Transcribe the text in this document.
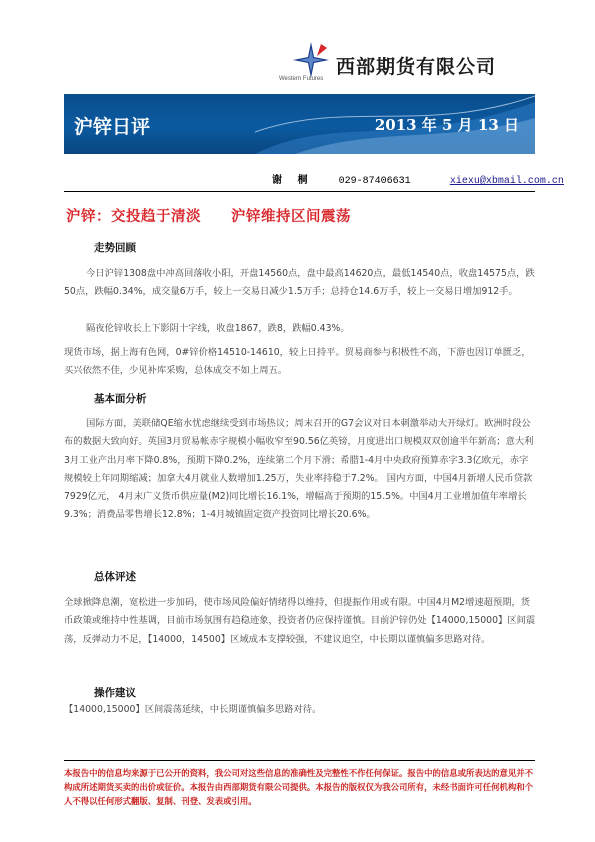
Western Futures
西部期货有限公司
沪锌日评	2013 年 5 月 13 日
谢 桐	029-87406631	xiexu@xbmail.com.cn
沪锌：交投趋于清淡 沪锌维持区间震荡
走势回顾

今日沪锌1308盘中冲高回落收小阳，开盘14560点，盘中最高14620点，最低14540点，收盘14575点，跌50点，跌幅0.34%，成交量6万手，较上一交易日减少1.5万手；总持仓14.6万手，较上一交易日增加912手。

隔夜伦锌收长上下影阴十字线，收盘1867，跌8，跌幅0.43%。

现货市场，据上海有色网，0#锌价格14510-14610，较上日持平。贸易商参与积极性不高，下游也因订单匮乏，买兴依然不佳，少见补库采购，总体成交不如上周五。

基本面分析

国际方面，美联储QE缩水忧虑继续受到市场热议；周末召开的G7会议对日本刺激举动大开绿灯。欧洲时段公布的数据大致向好。英国3月贸易帐赤字规模小幅收窄至90.56亿英镑，月度进出口规模双双创逾半年新高；意大利3月工业产出月率下降0.8%，预期下降0.2%，连续第二个月下滑；希腊1-4月中央政府预算赤字3.3亿欧元，赤字规模较上年同期缩减；加拿大4月就业人数增加1.25万，失业率持稳于7.2%。 国内方面，中国4月新增人民币贷款7929亿元， 4月末广义货币供应量(M2)同比增长16.1%，增幅高于预期的15.5%。中国4月工业增加值年率增长9.3%；消费品零售增长12.8%；1-4月城镇固定资产投资同比增长20.6%。

总体评述

全球掀降息潮，宽松进一步加码，使市场风险偏好情绪得以维持，但提振作用或有限。中国4月M2增速超预期，货币政策或维持中性基调，目前市场氛围有趋稳迹象，投资者仍应保持谨慎。目前沪锌仍处【14000,15000】区间震荡，反弹动力不足，【14000，14500】区域成本支撑较强，不建议追空，中长期以谨慎偏多思路对待。

操作建议

【14000,15000】区间震荡延续，中长期谨慎偏多思路对待。

本报告中的信息均来源于已公开的资料，我公司对这些信息的准确性及完整性不作任何保证。报告中的信息或所表达的意见并不构成所述期货买卖的出价或征价。本报告由西部期货有限公司提供。本报告的版权仅为我公司所有，未经书面许可任何机构和个人不得以任何形式翻版、复制、刊登、发表或引用。
